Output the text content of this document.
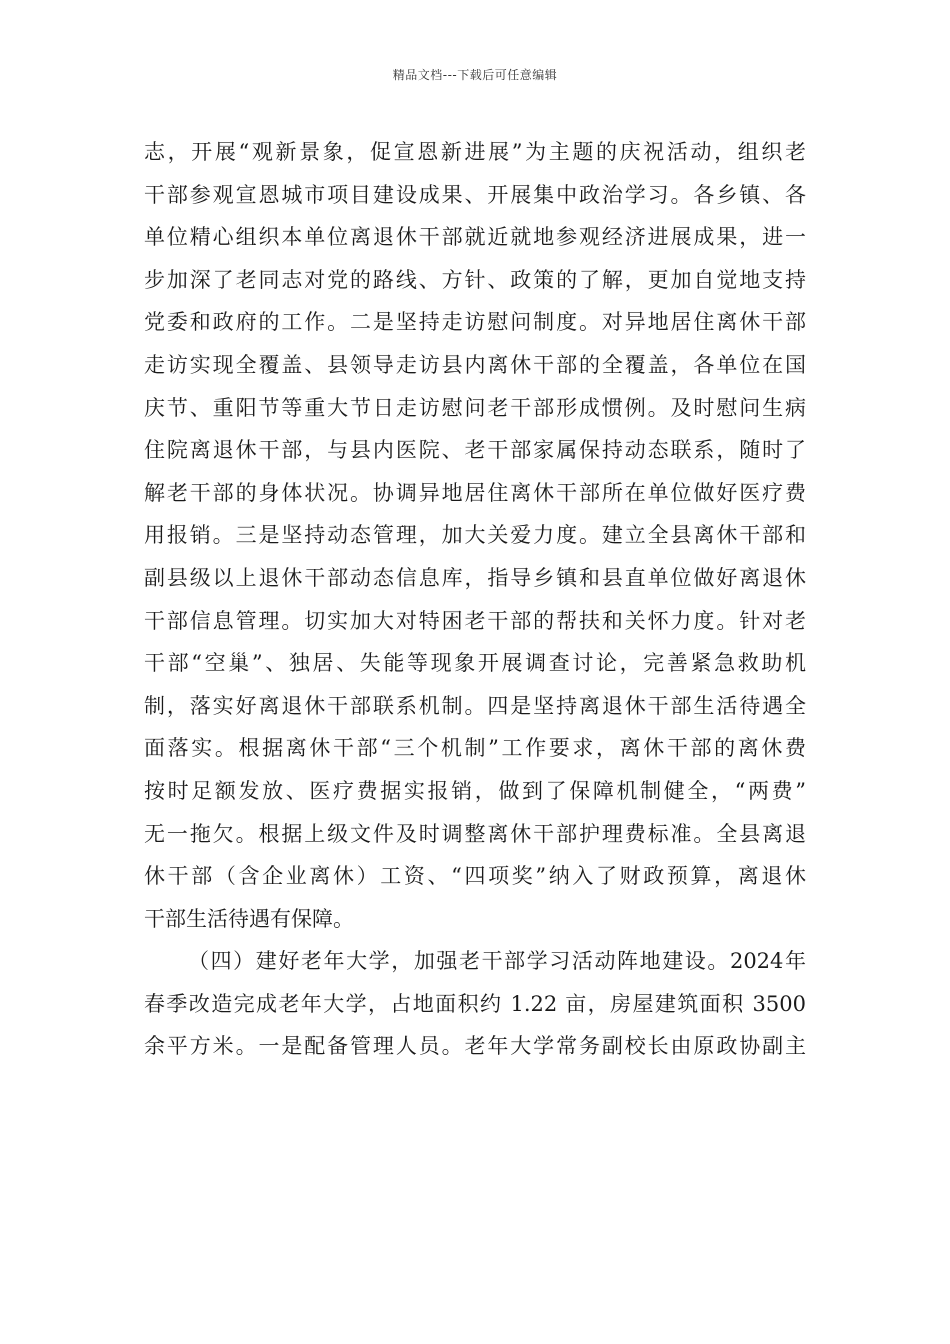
精品文档---下载后可任意编辑
志，开展“观新景象，促宣恩新进展”为主题的庆祝活动，组织老
干部参观宣恩城市项目建设成果、开展集中政治学习。各乡镇、各
单位精心组织本单位离退休干部就近就地参观经济进展成果，进一
步加深了老同志对党的路线、方针、政策的了解，更加自觉地支持
党委和政府的工作。二是坚持走访慰问制度。对异地居住离休干部
走访实现全覆盖、县领导走访县内离休干部的全覆盖，各单位在国
庆节、重阳节等重大节日走访慰问老干部形成惯例。及时慰问生病
住院离退休干部，与县内医院、老干部家属保持动态联系，随时了
解老干部的身体状况。协调异地居住离休干部所在单位做好医疗费
用报销。三是坚持动态管理，加大关爱力度。建立全县离休干部和
副县级以上退休干部动态信息库，指导乡镇和县直单位做好离退休
干部信息管理。切实加大对特困老干部的帮扶和关怀力度。针对老
干部“空巢”、独居、失能等现象开展调查讨论，完善紧急救助机
制，落实好离退休干部联系机制。四是坚持离退休干部生活待遇全
面落实。根据离休干部“三个机制”工作要求，离休干部的离休费
按时足额发放、医疗费据实报销，做到了保障机制健全，“两费”
无一拖欠。根据上级文件及时调整离休干部护理费标准。全县离退
休干部（含企业离休）工资、“四项奖”纳入了财政预算，离退休
干部生活待遇有保障。
（四）建好老年大学，加强老干部学习活动阵地建设。2024年
春季改造完成老年大学，占地面积约 1.22 亩，房屋建筑面积 3500
余平方米。一是配备管理人员。老年大学常务副校长由原政协副主
